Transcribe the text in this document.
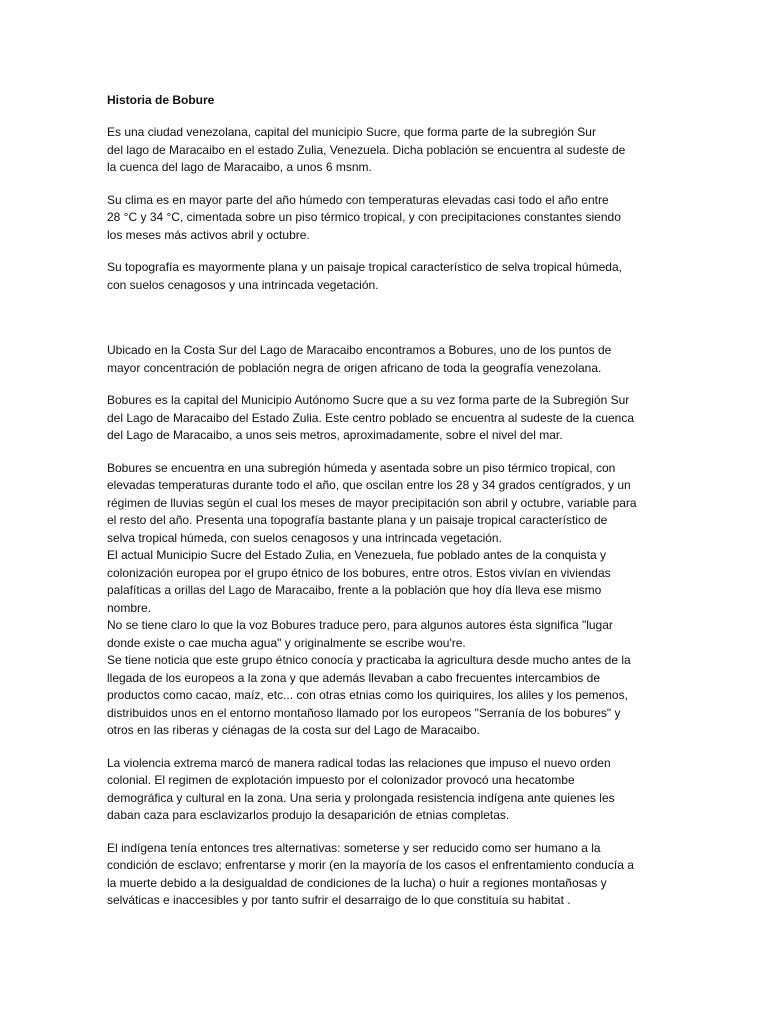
Historia de Bobure

Es una ciudad venezolana, capital del municipio Sucre, que forma parte de la subregión Sur
del lago de Maracaibo en el estado Zulia, Venezuela. Dicha población se encuentra al sudeste de
la cuenca del lago de Maracaibo, a unos 6 msnm.

Su clima es en mayor parte del año húmedo con temperaturas elevadas casi todo el año entre
28 °C y 34 °C, cimentada sobre un piso térmico tropical, y con precipitaciones constantes siendo
los meses más activos abril y octubre.

Su topografía es mayormente plana y un paisaje tropical característico de selva tropical húmeda,
con suelos cenagosos y una intrincada vegetación.

Ubicado en la Costa Sur del Lago de Maracaibo encontramos a Bobures, uno de los puntos de
mayor concentración de población negra de origen africano de toda la geografía venezolana.

Bobures es la capital del Municipio Autónomo Sucre que a su vez forma parte de la Subregión Sur
del Lago de Maracaibo del Estado Zulia. Este centro poblado se encuentra al sudeste de la cuenca
del Lago de Maracaibo, a unos seis metros, aproximadamente, sobre el nivel del mar.

Bobures se encuentra en una subregión húmeda y asentada sobre un piso térmico tropical, con
elevadas temperaturas durante todo el año, que oscilan entre los 28 y 34 grados centígrados, y un
régimen de lluvias según el cual los meses de mayor precipitación son abril y octubre, variable para
el resto del año. Presenta una topografía bastante plana y un paisaje tropical característico de
selva tropical húmeda, con suelos cenagosos y una intrincada vegetación.
El actual Municipio Sucre del Estado Zulia, en Venezuela, fue poblado antes de la conquista y
colonización europea por el grupo étnico de los bobures, entre otros. Estos vivían en viviendas
palafíticas a orillas del Lago de Maracaibo, frente a la población que hoy día lleva ese mismo
nombre.
No se tiene claro lo que la voz Bobures traduce pero, para algunos autores ésta significa "lugar
donde existe o cae mucha agua" y originalmente se escribe wou're.
Se tiene noticia que este grupo étnico conocía y practicaba la agricultura desde mucho antes de la
llegada de los europeos a la zona y que además llevaban a cabo frecuentes intercambios de
productos como cacao, maíz, etc... con otras etnias como los quiriquires, los aliles y los pemenos,
distribuidos unos en el entorno montañoso llamado por los europeos "Serranía de los bobures" y
otros en las riberas y ciénagas de la costa sur del Lago de Maracaibo.

La violencia extrema marcó de manera radical todas las relaciones que impuso el nuevo orden
colonial. El regimen de explotación impuesto por el colonizador provocó una hecatombe
demográfica y cultural en la zona. Una seria y prolongada resistencia indígena ante quienes les
daban caza para esclavizarlos produjo la desaparición de etnias completas.

El indígena tenía entonces tres alternativas: someterse y ser reducido como ser humano a la
condición de esclavo; enfrentarse y morir (en la mayoría de los casos el enfrentamiento conducía a
la muerte debido a la desigualdad de condiciones de la lucha) o huir a regiones montañosas y
selváticas e inaccesibles y por tanto sufrir el desarraigo de lo que constituía su habitat .
